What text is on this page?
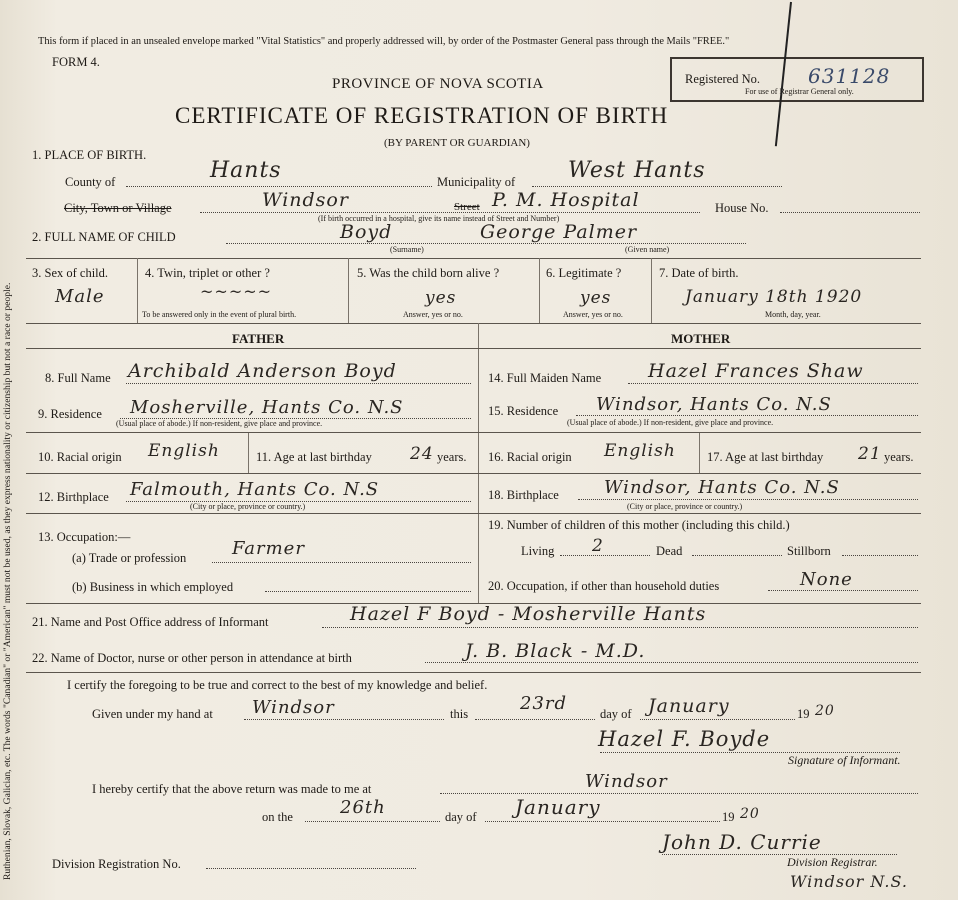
Ruthenian, Slovak, Galician, etc. The words "Canadian" or "American" must not be used, as they express nationality or citizenship but not a race or people.
This form if placed in an unsealed envelope marked "Vital Statistics" and properly addressed will, by order of the Postmaster General pass through the Mails "FREE."
FORM 4.
PROVINCE OF NOVA SCOTIA
CERTIFICATE OF REGISTRATION OF BIRTH
(BY PARENT OR GUARDIAN)
Registered No. 631128
For use of Registrar General only.
1. PLACE OF BIRTH.
County of	Hants	Municipality of West Hants
City, Town or Village	Windsor	Street P. M. Hospital
(If birth occurred in a hospital, give its name instead of Street and Number)
House No.
2. FULL NAME OF CHILD	Boyd	George Palmer
(Surname)	(Given name)
3. Sex of child.
Male
4. Twin, triplet or other ?
~~~~~
To be answered only in the event of plural birth.
5. Was the child born alive ?
yes
Answer, yes or no.
6. Legitimate ?
yes
Answer, yes or no.
7. Date of birth.
January 18th 1920
Month, day, year.
FATHER	MOTHER
8. Full Name Archibald Anderson Boyd
9. Residence Mosherville, Hants Co. N.S
(Usual place of abode.) If non-resident, give place and province.
10. Racial origin English	11. Age at last birthday 24 years.
12. Birthplace Falmouth, Hants Co. N.S
(City or place, province or country.)
13. Occupation:—
(a) Trade or profession	Farmer
(b) Business in which employed
14. Full Maiden Name Hazel Frances Shaw
15. Residence Windsor, Hants Co. N.S
(Usual place of abode.) If non-resident, give place and province.
16. Racial origin English 17. Age at last birthday 21 years.
18. Birthplace	Windsor, Hants Co. N.S
(City or place, province or country.)
19. Number of children of this mother (including this child.)
Living 2	Dead	Stillborn
20. Occupation, if other than household duties	None
21. Name and Post Office address of Informant	Hazel F Boyd - Mosherville Hants
22. Name of Doctor, nurse or other person in attendance at birth	J. B. Black - M.D.
I certify the foregoing to be true and correct to the best of my knowledge and belief.
Given under my hand at Windsor	this	23rd	day of January	19 20
Hazel F. Boyde
Signature of Informant.
I hereby certify that the above return was made to me at	Windsor
on the	26th	day of January	19 20
John D. Currie
Division Registrar.
Division Registration No.
Windsor N.S.
